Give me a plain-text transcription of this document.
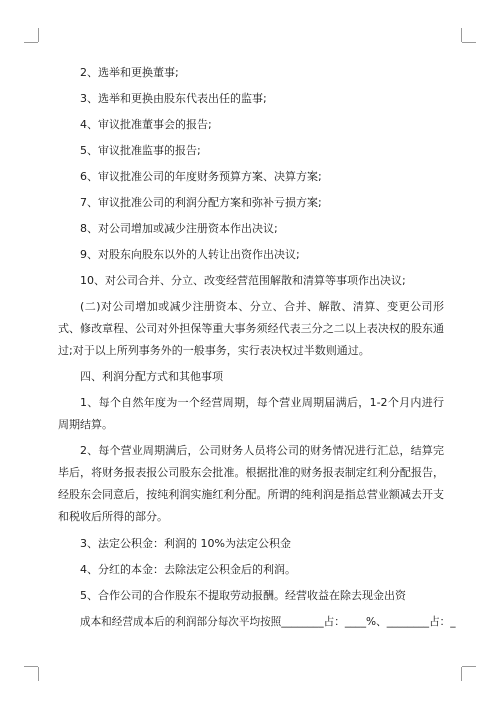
2、选举和更换董事;

3、选举和更换由股东代表出任的监事;

4、审议批准董事会的报告;

5、审议批准监事的报告;

6、审议批准公司的年度财务预算方案、决算方案;

7、审议批准公司的利润分配方案和弥补亏损方案;

8、对公司增加或减少注册资本作出决议;

9、对股东向股东以外的人转让出资作出决议;

10、对公司合并、分立、改变经营范围解散和清算等事项作出决议;

(二)对公司增加或减少注册资本、分立、合并、解散、清算、变更公司形式、修改章程、公司对外担保等重大事务须经代表三分之二以上表决权的股东通过;对于以上所列事务外的一般事务，实行表决权过半数则通过。

四、利润分配方式和其他事项

1、每个自然年度为一个经营周期，每个营业周期届满后，1-2个月内进行周期结算。

2、每个营业周期满后，公司财务人员将公司的财务情况进行汇总，结算完毕后，将财务报表报公司股东会批准。根据批准的财务报表制定红利分配报告，经股东会同意后，按纯利润实施红利分配。所谓的纯利润是指总营业额减去开支和税收后所得的部分。

3、法定公积金：利润的 10%为法定公积金

4、分红的本金：去除法定公积金后的利润。

5、合作公司的合作股东不提取劳动报酬。经营收益在除去现金出资

成本和经营成本后的利润部分每次平均按照________占：____%、________占：_
